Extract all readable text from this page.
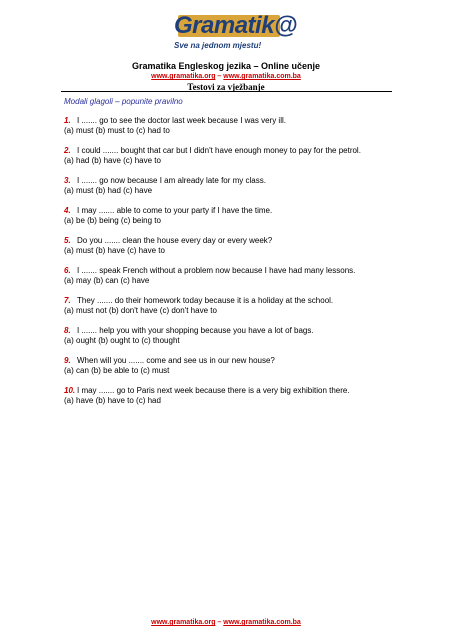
Gramatik@
Sve na jednom mjestu!
Gramatika Engleskog jezika – Online učenje
www.gramatika.org – www.gramatika.com.ba
Testovi za vježbanje
Modali glagoli – popunite pravilno
1. I ....... go to see the doctor last week because I was very ill.
(a) must (b) must to (c) had to
2. I could ....... bought that car but I didn't have enough money to pay for the petrol.
(a) had (b) have (c) have to
3. I ....... go now because I am already late for my class.
(a) must (b) had (c) have
4. I may ....... able to come to your party if I have the time.
(a) be (b) being (c) being to
5. Do you ....... clean the house every day or every week?
(a) must (b) have (c) have to
6. I ....... speak French without a problem now because I have had many lessons.
(a) may (b) can (c) have
7. They ....... do their homework today because it is a holiday at the school.
(a) must not (b) don't have (c) don't have to
8. I ....... help you with your shopping because you have a lot of bags.
(a) ought (b) ought to (c) thought
9. When will you ....... come and see us in our new house?
(a) can (b) be able to (c) must
10. I may ....... go to Paris next week because there is a very big exhibition there.
(a) have (b) have to (c) had
www.gramatika.org – www.gramatika.com.ba
